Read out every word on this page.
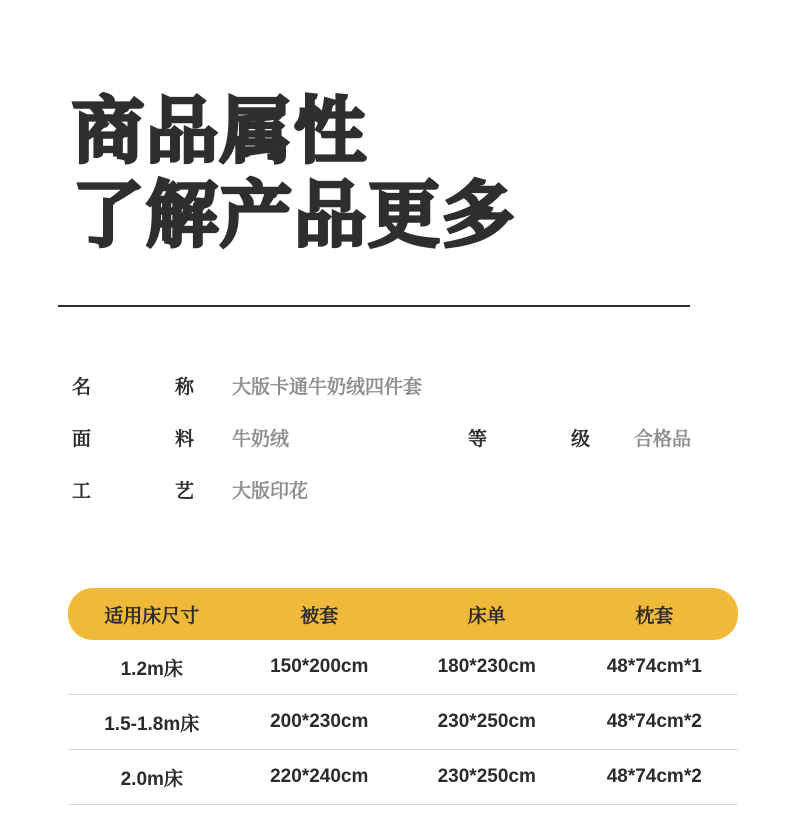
商品属性
了解产品更多
名	称 大版卡通牛奶绒四件套
面	料 牛奶绒	等	级 合格品
工	艺 大版印花
适用床尺寸	被套	床单	枕套
1.2m床	150*200cm	180*230cm	48*74cm*1
1.5-1.8m床	200*230cm	230*250cm	48*74cm*2
2.0m床	220*240cm	230*250cm	48*74cm*2
